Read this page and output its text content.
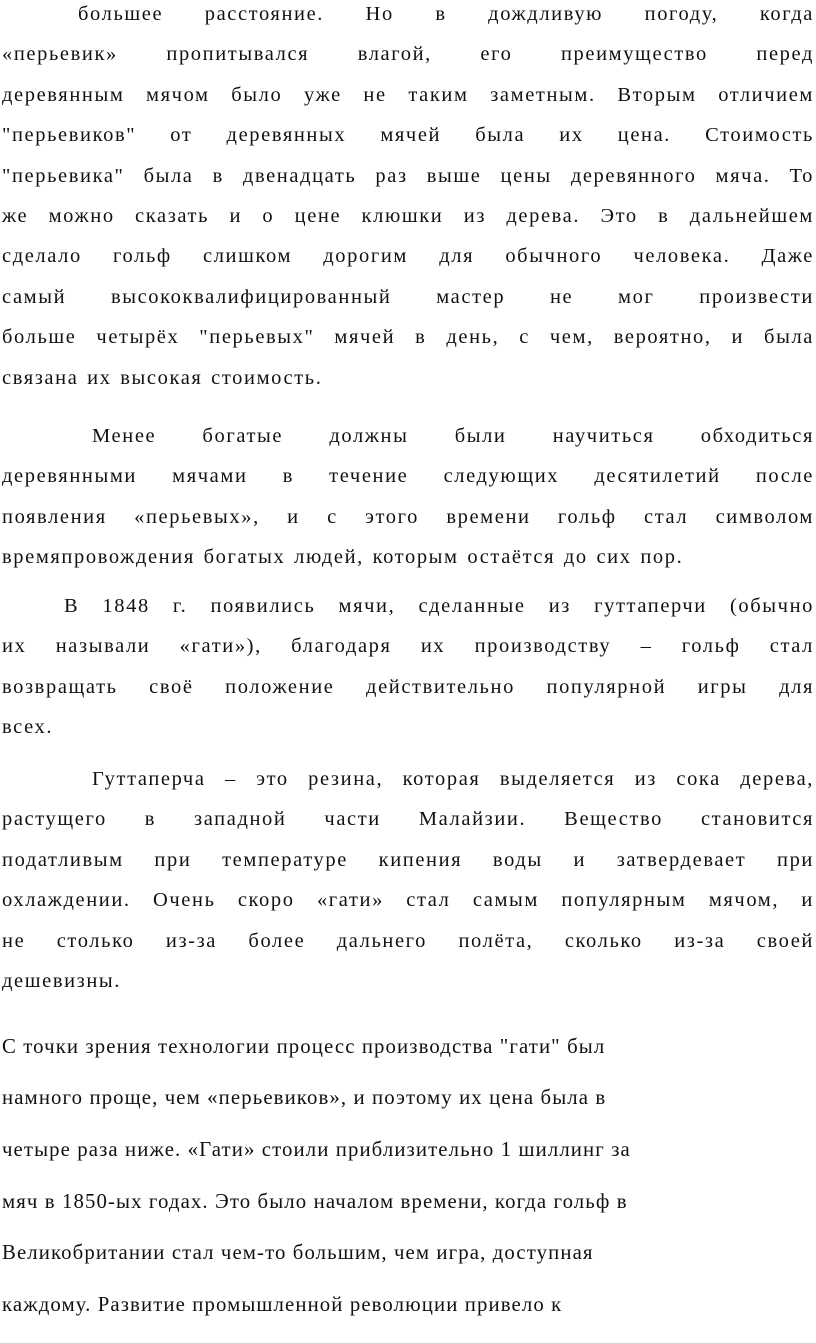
большее расстояние. Но в дождливую погоду, когда
«перьевик» пропитывался влагой, его преимущество перед
деревянным мячом было уже не таким заметным. Вторым отличием
"перьевиков" от деревянных мячей была их цена. Стоимость
"перьевика" была в двенадцать раз выше цены деревянного мяча. То
же можно сказать и о цене клюшки из дерева. Это в дальнейшем
сделало гольф слишком дорогим для обычного человека. Даже
самый высококвалифицированный мастер не мог произвести
больше четырёх "перьевых" мячей в день, с чем, вероятно, и была
связана их высокая стоимость.

Менее богатые должны были научиться обходиться
деревянными мячами в течение следующих десятилетий после
появления «перьевых», и с этого времени гольф стал символом
времяпровождения богатых людей, которым остаётся до сих пор.

В 1848 г. появились мячи, сделанные из гуттаперчи (обычно
их называли «гати»), благодаря их производству – гольф стал
возвращать своё положение действительно популярной игры для
всех.

Гуттаперча – это резина, которая выделяется из сока дерева,
растущего в западной части Малайзии. Вещество становится
податливым при температуре кипения воды и затвердевает при
охлаждении. Очень скоро «гати» стал самым популярным мячом, и
не столько из-за более дальнего полёта, сколько из-за своей
дешевизны.

С точки зрения технологии процесс производства "гати" был

намного проще, чем «перьевиков», и поэтому их цена была в

четыре раза ниже. «Гати» стоили приблизительно 1 шиллинг за

мяч в 1850-ых годах. Это было началом времени, когда гольф в

Великобритании стал чем-то большим, чем игра, доступная

каждому. Развитие промышленной революции привело к
